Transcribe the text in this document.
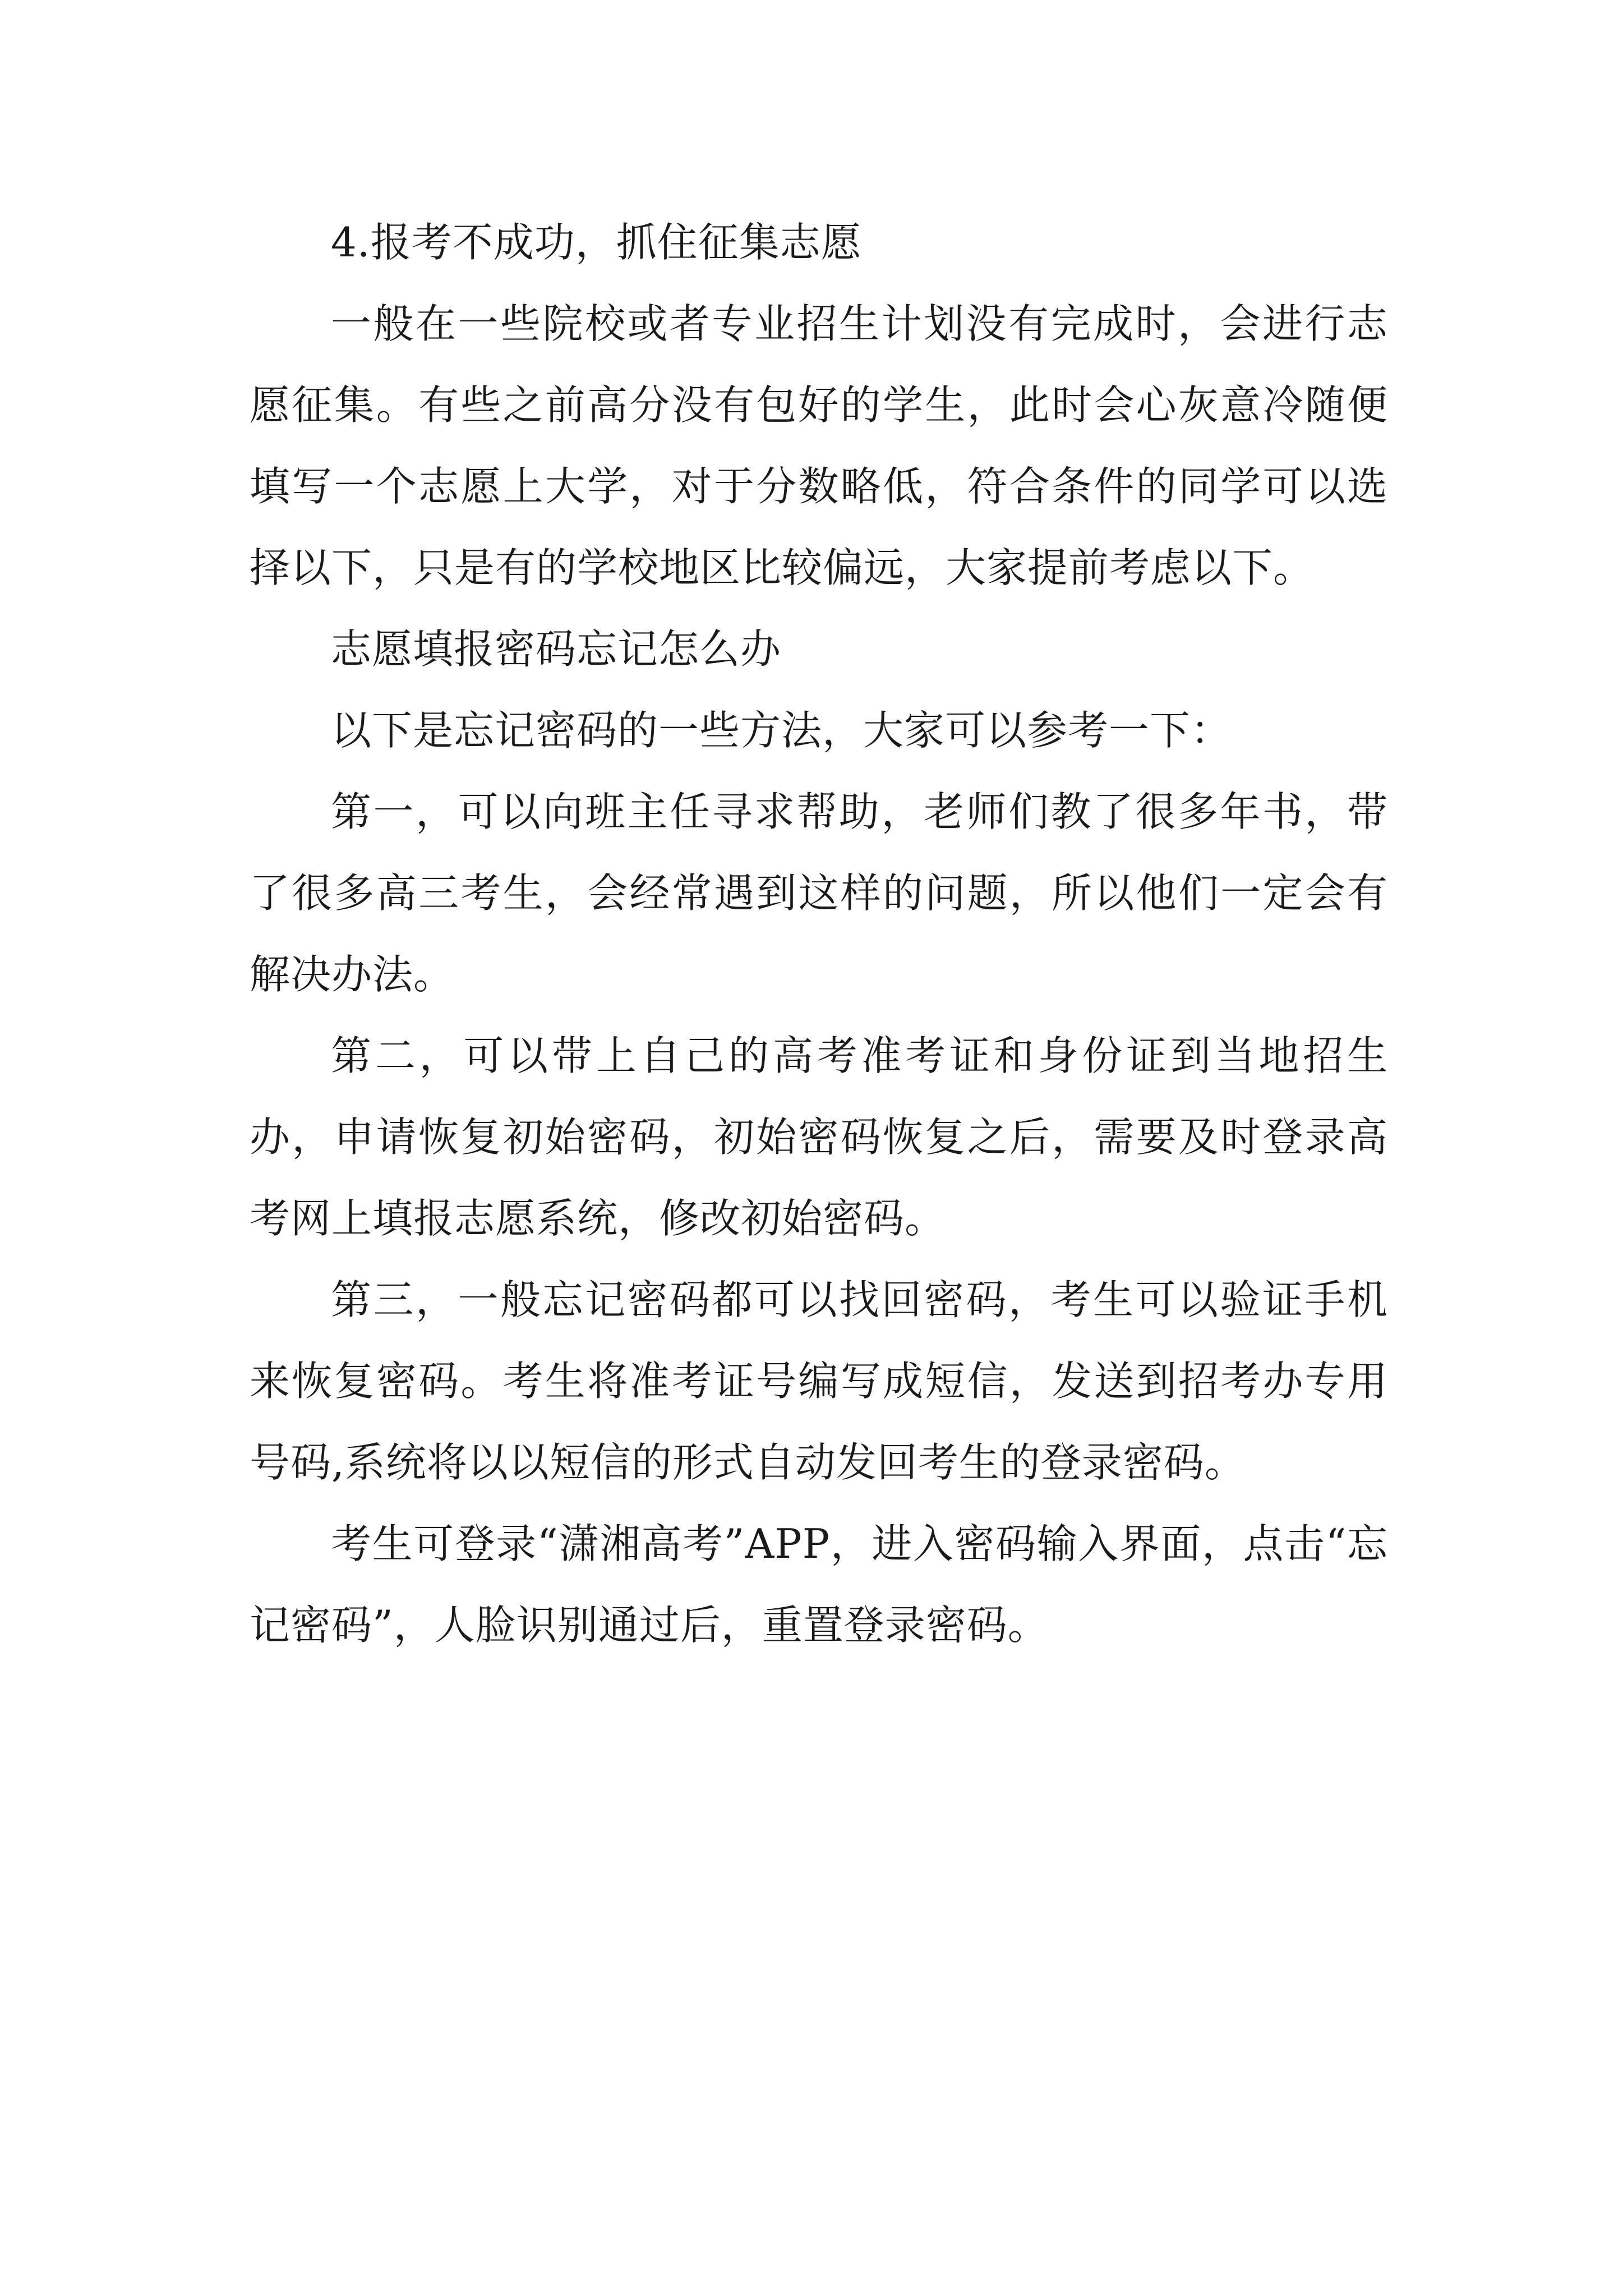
4.报考不成功，抓住征集志愿

一般在一些院校或者专业招生计划没有完成时，会进行志愿征集。有些之前高分没有包好的学生，此时会心灰意冷随便填写一个志愿上大学，对于分数略低，符合条件的同学可以选择以下，只是有的学校地区比较偏远，大家提前考虑以下。

志愿填报密码忘记怎么办

以下是忘记密码的一些方法，大家可以参考一下：

第一，可以向班主任寻求帮助，老师们教了很多年书，带了很多高三考生，会经常遇到这样的问题，所以他们一定会有解决办法。

第二，可以带上自己的高考准考证和身份证到当地招生办，申请恢复初始密码，初始密码恢复之后，需要及时登录高考网上填报志愿系统，修改初始密码。

第三，一般忘记密码都可以找回密码，考生可以验证手机来恢复密码。考生将准考证号编写成短信，发送到招考办专用号码,系统将以以短信的形式自动发回考生的登录密码。

考生可登录“潇湘高考”APP，进入密码输入界面，点击“忘记密码”，人脸识别通过后，重置登录密码。
